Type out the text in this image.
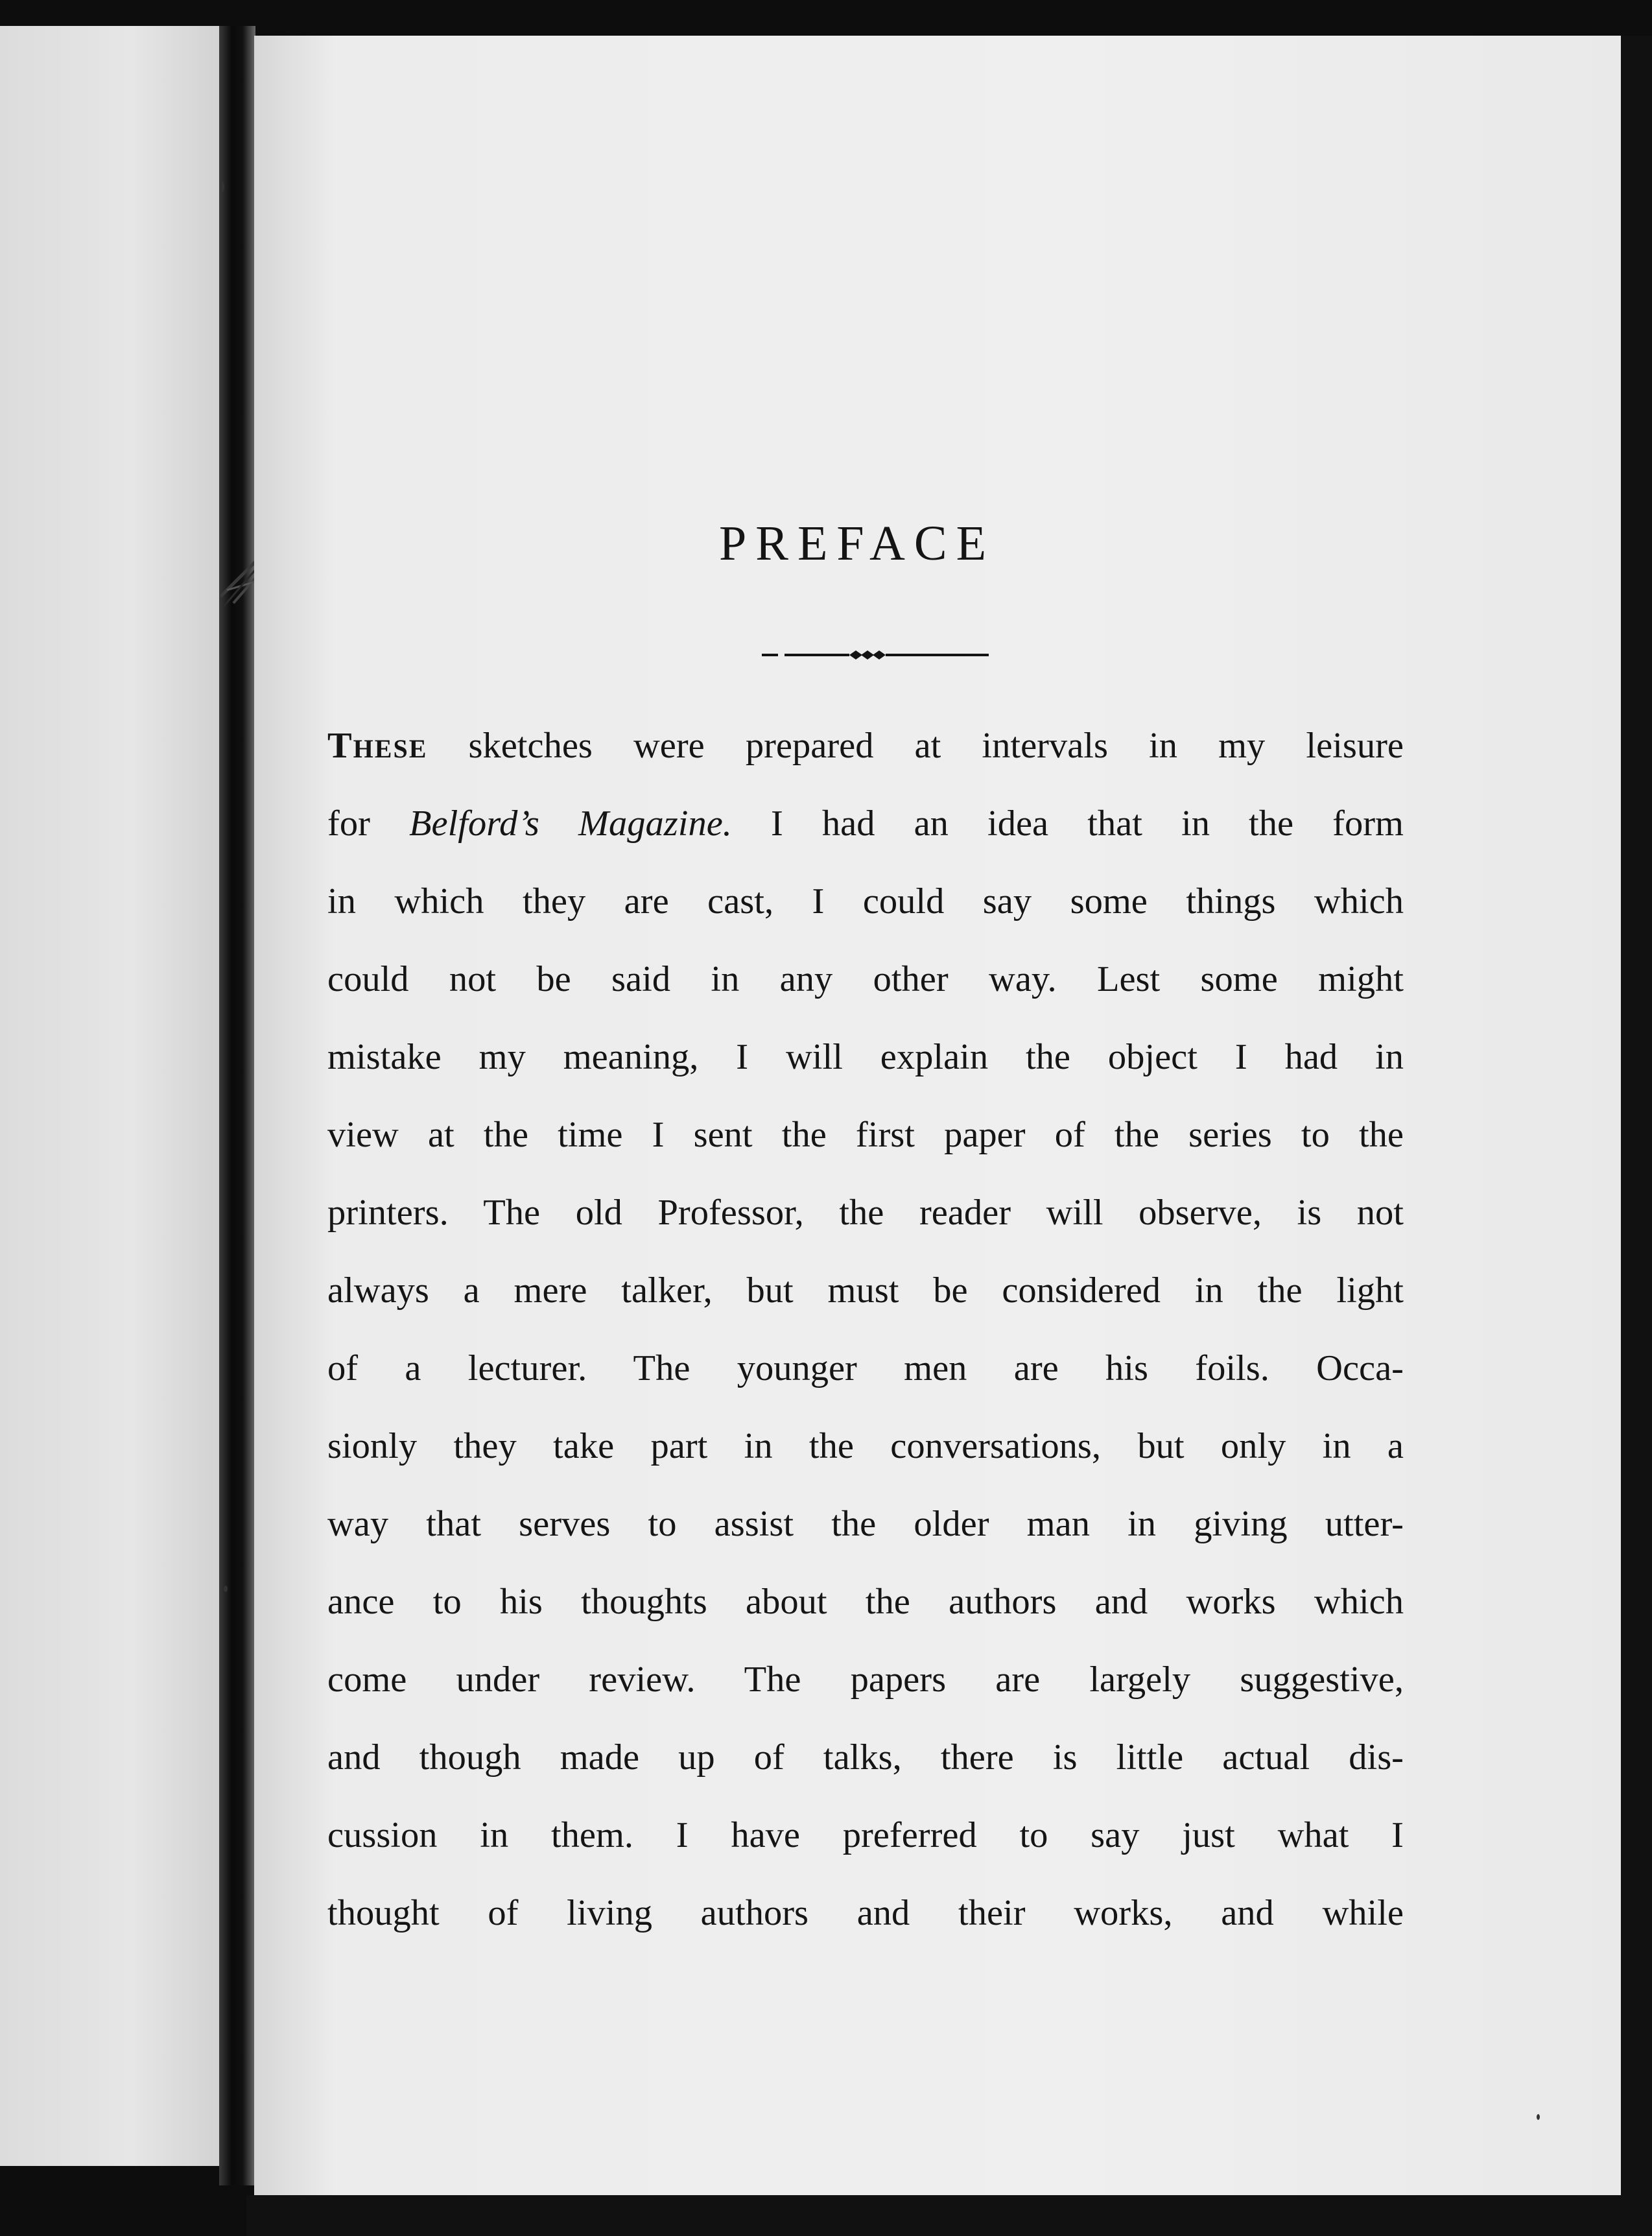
PREFACE
These sketches were prepared at intervals in my leisure
for Belford’s Magazine. I had an idea that in the form
in which they are cast, I could say some things which
could not be said in any other way. Lest some might
mistake my meaning, I will explain the object I had in
view at the time I sent the first paper of the series to the
printers. The old Professor, the reader will observe, is not
always a mere talker, but must be considered in the light
of a lecturer. The younger men are his foils. Occa-
sionly they take part in the conversations, but only in a
way that serves to assist the older man in giving utter-
ance to his thoughts about the authors and works which
come under review. The papers are largely suggestive,
and though made up of talks, there is little actual dis-
cussion in them. I have preferred to say just what I
thought of living authors and their works, and while
